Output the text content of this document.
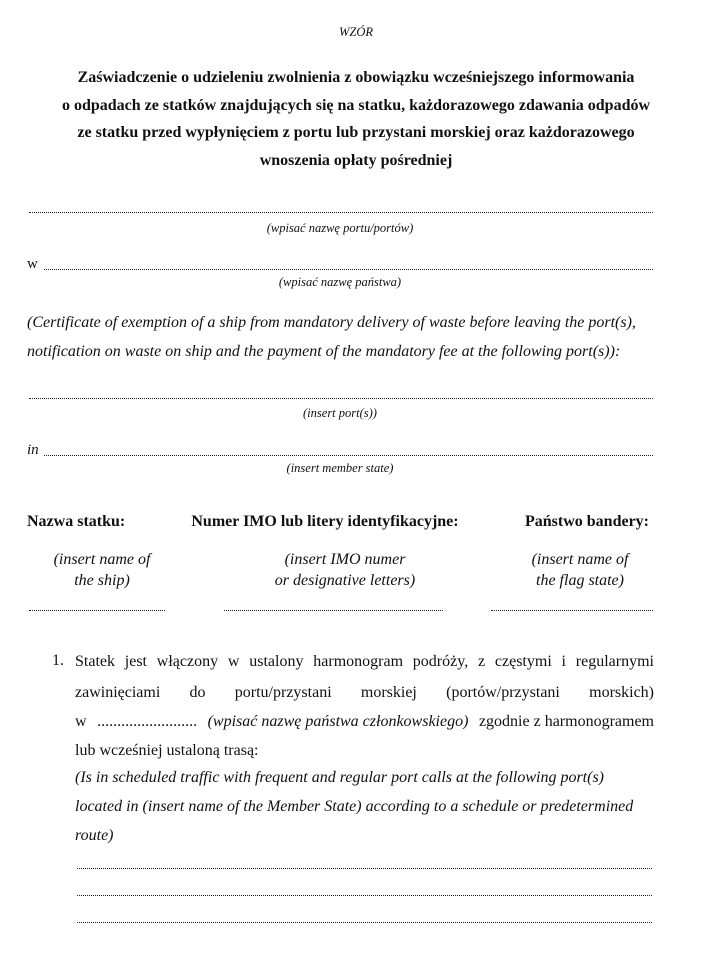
WZÓR
Zaświadczenie o udzieleniu zwolnienia z obowiązku wcześniejszego informowania
o odpadach ze statków znajdujących się na statku, każdorazowego zdawania odpadów
ze statku przed wypłynięciem z portu lub przystani morskiej oraz każdorazowego
wnoszenia opłaty pośredniej
(wpisać nazwę portu/portów)
w
(wpisać nazwę państwa)
(Certificate of exemption of a ship from mandatory delivery of waste before leaving the port(s),
notification on waste on ship and the payment of the mandatory fee at the following port(s)):
(insert port(s))
in
(insert member state)
Nazwa statku:	Numer IMO lub litery identyfikacyjne:	Państwo bandery:
(insert name of
the ship)
(insert IMO numer
or designative letters)
(insert name of
the flag state)
1. Statek jest włączony w ustalony harmonogram podróży, z częstymi i regularnymi
zawinięciami do portu/przystani morskiej (portów/przystani morskich)
w ......................... (wpisać nazwę państwa członkowskiego) zgodnie z harmonogramem
lub wcześniej ustaloną trasą:
(Is in scheduled traffic with frequent and regular port calls at the following port(s)
located in (insert name of the Member State) according to a schedule or predetermined
route)
